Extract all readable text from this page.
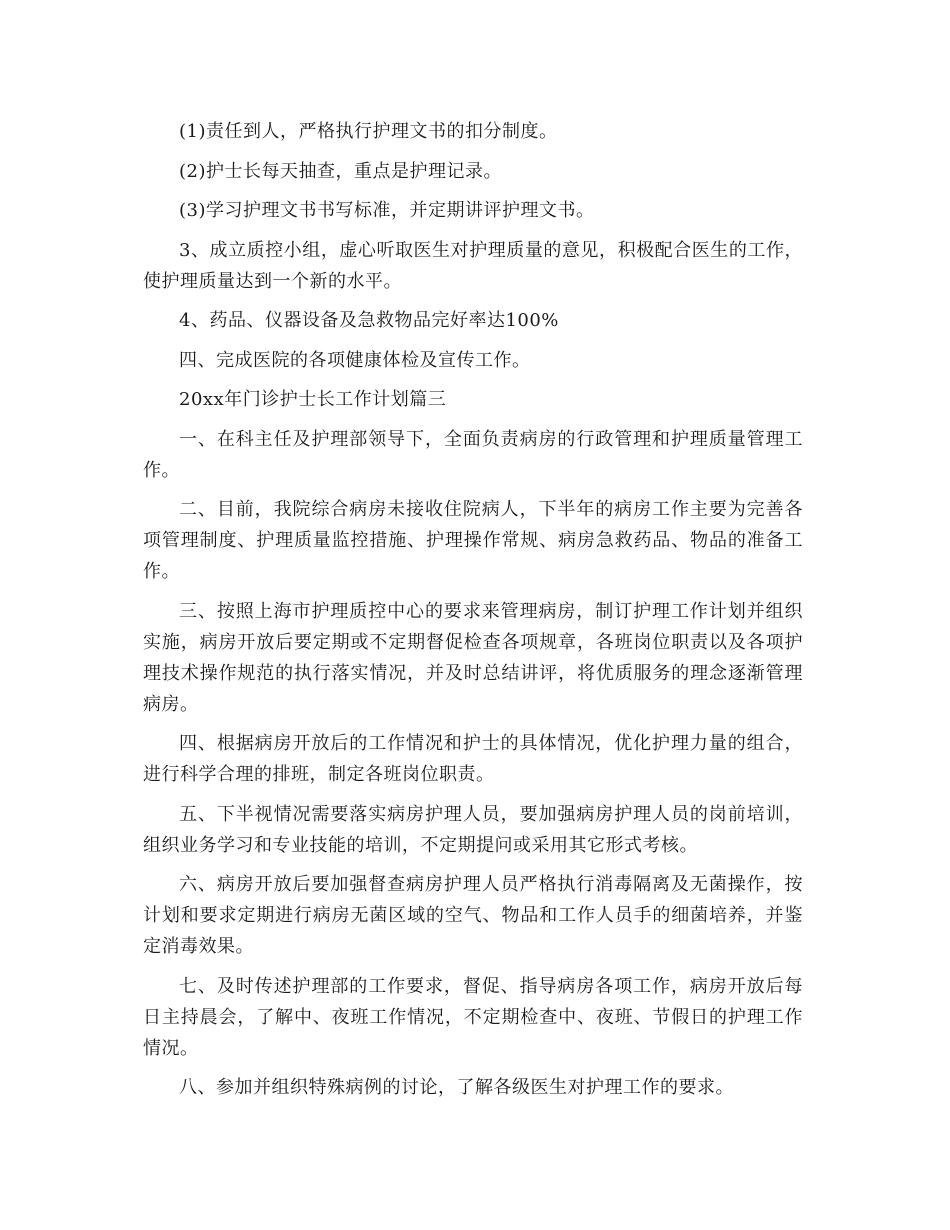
(1)责任到人，严格执行护理文书的扣分制度。

(2)护士长每天抽查，重点是护理记录。

(3)学习护理文书书写标准，并定期讲评护理文书。

3、成立质控小组，虚心听取医生对护理质量的意见，积极配合医生的工作，使护理质量达到一个新的水平。

4、药品、仪器设备及急救物品完好率达100%

四、完成医院的各项健康体检及宣传工作。

20xx年门诊护士长工作计划篇三

一、在科主任及护理部领导下，全面负责病房的行政管理和护理质量管理工作。

二、目前，我院综合病房未接收住院病人，下半年的病房工作主要为完善各项管理制度、护理质量监控措施、护理操作常规、病房急救药品、物品的准备工作。

三、按照上海市护理质控中心的要求来管理病房，制订护理工作计划并组织实施，病房开放后要定期或不定期督促检查各项规章，各班岗位职责以及各项护理技术操作规范的执行落实情况，并及时总结讲评，将优质服务的理念逐渐管理病房。

四、根据病房开放后的工作情况和护士的具体情况，优化护理力量的组合，进行科学合理的排班，制定各班岗位职责。

五、下半视情况需要落实病房护理人员，要加强病房护理人员的岗前培训，组织业务学习和专业技能的培训，不定期提问或采用其它形式考核。

六、病房开放后要加强督查病房护理人员严格执行消毒隔离及无菌操作，按计划和要求定期进行病房无菌区域的空气、物品和工作人员手的细菌培养，并鉴定消毒效果。

七、及时传述护理部的工作要求，督促、指导病房各项工作，病房开放后每日主持晨会，了解中、夜班工作情况，不定期检查中、夜班、节假日的护理工作情况。

八、参加并组织特殊病例的讨论，了解各级医生对护理工作的要求。
